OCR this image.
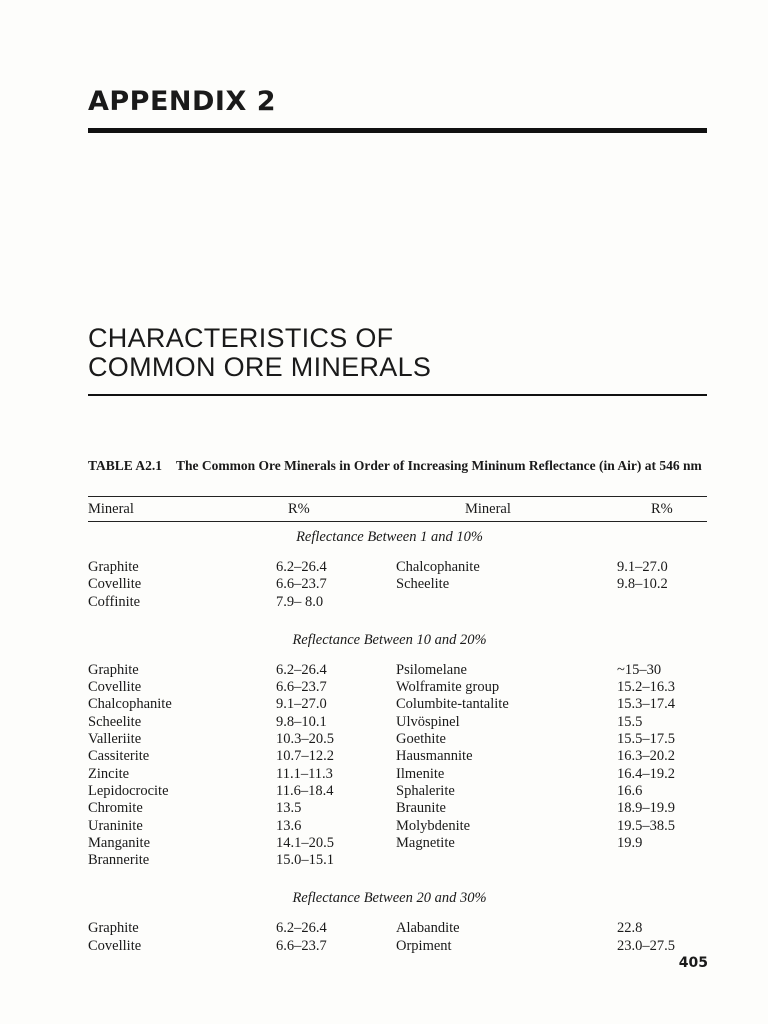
APPENDIX 2
CHARACTERISTICS OF
COMMON ORE MINERALS

TABLE A2.1 The Common Ore Minerals in Order of Increasing Mininum Reflectance (in Air) at 546 nm

Mineral	R%	Mineral	R%
Reflectance Between 1 and 10%
Graphite	6.2–26.4	Chalcophanite	9.1–27.0
Covellite	6.6–23.7	Scheelite	9.8–10.2
Coffinite	7.9– 8.0
Reflectance Between 10 and 20%
Graphite	6.2–26.4	Psilomelane	~15–30
Covellite	6.6–23.7	Wolframite group	15.2–16.3
Chalcophanite	9.1–27.0	Columbite-tantalite	15.3–17.4
Scheelite	9.8–10.1	Ulvöspinel	15.5
Valleriite	10.3–20.5	Goethite	15.5–17.5
Cassiterite	10.7–12.2	Hausmannite	16.3–20.2
Zincite	11.1–11.3	Ilmenite	16.4–19.2
Lepidocrocite	11.6–18.4	Sphalerite	16.6
Chromite	13.5	Braunite	18.9–19.9
Uraninite	13.6	Molybdenite	19.5–38.5
Manganite	14.1–20.5	Magnetite	19.9
Brannerite	15.0–15.1
Reflectance Between 20 and 30%
Graphite	6.2–26.4	Alabandite	22.8
Covellite	6.6–23.7	Orpiment	23.0–27.5
405
